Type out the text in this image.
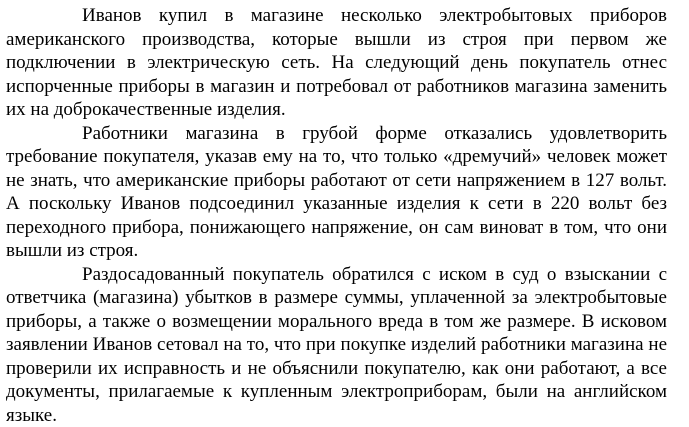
Иванов купил в магазине несколько электробытовых приборов американского производства, которые вышли из строя при первом же подключении в электрическую сеть. На следующий день покупатель отнес испорченные приборы в магазин и потребовал от работников магазина заменить их на доброкачественные изделия.

Работники магазина в грубой форме отказались удовлетворить требование покупателя, указав ему на то, что только «дремучий» человек может не знать, что американские приборы работают от сети напряжением в 127 вольт. А поскольку Иванов подсоединил указанные изделия к сети в 220 вольт без переходного прибора, понижающего напряжение, он сам виноват в том, что они вышли из строя.

Раздосадованный покупатель обратился с иском в суд о взыскании с ответчика (магазина) убытков в размере суммы, уплаченной за электробытовые приборы, а также о возмещении морального вреда в том же размере. В исковом заявлении Иванов сетовал на то, что при покупке изделий работники магазина не проверили их исправность и не объяснили покупателю, как они работают, а все документы, прилагаемые к купленным электроприборам, были на английском языке.
